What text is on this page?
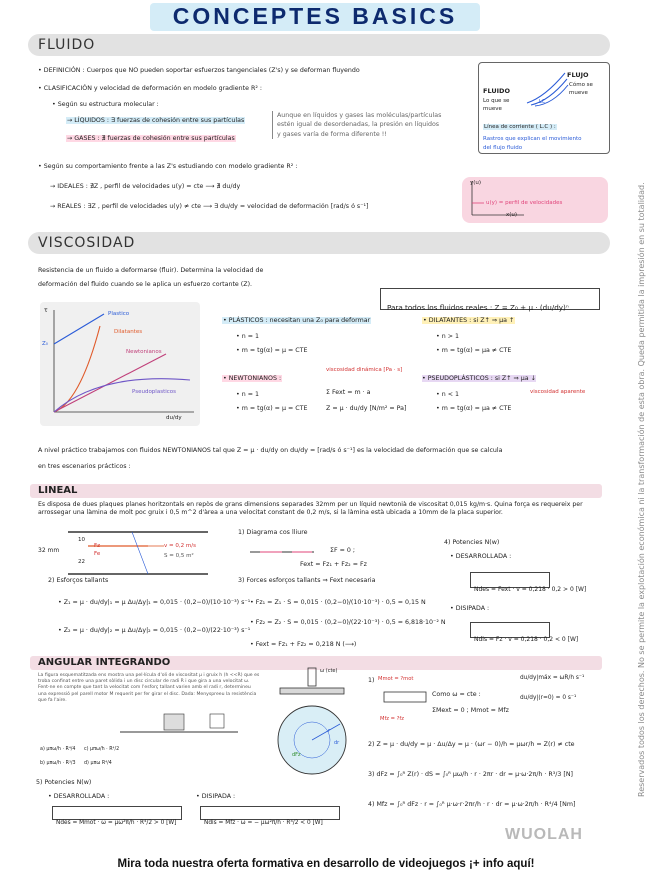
CONCEPTES BASICS
FLUIDO
• DEFINICIÓN : Cuerpos que NO pueden soportar esfuerzos tangenciales (Z's) y se deforman fluyendo
• CLASIFICACIÓN y velocidad de deformación en modelo gradiente R² :
• Según su estructura molecular :
→ LÍQUIDOS : ∃ fuerzas de cohesión entre sus partículas
→ GASES : ∄ fuerzas de cohesión entre sus partículas
Aunque en líquidos y gases las moléculas/partículas
estén igual de desordenadas, la presión en líquidos
y gases varía de forma diferente !!
• Según su comportamiento frente a las Z's estudiando con modelo gradiente R² :
→ IDEALES : ∄Z , perfil de velocidades u(y) = cte ⟶ ∄ du/dy
→ REALES : ∃Z , perfil de velocidades u(y) ≠ cte ⟶ ∃ du/dy = velocidad de deformación [rad/s ó s⁻¹]
FLUIDO
Lo que se mueve
FLUJO
Cómo se mueve
LC
Línea de corriente ( L.C ) :
Rastros que explican el movimiento
del flujo fluido
y(u)
x(u)
u(y) = perfil de velocidades
VISCOSIDAD
Resistencia de un fluido a deformarse (fluir). Determina la velocidad de
deformación del fluido cuando se le aplica un esfuerzo cortante (Z).
Para todos los fluidos reales : Z = Z₀ + μ · (du/dy)ⁿ
τ
Z₀
du/dy
Plastico
Dilatantes
Newtonianos
Pseudoplasticos
• PLÁSTICOS : necesitan una Z₀ para deformar
• n = 1
• m = tg(α) = μ = CTE
• DILATANTES : si Z↑ ⇒ μa ↑
• n > 1
• m = tg(α) = μa ≠ CTE
• NEWTONIANOS :
viscosidad dinámica [Pa · s]
• n = 1
• m = tg(α) = μ = CTE
Σ Fext = m · a
Z = μ · du/dy [N/m² = Pa]
• PSEUDOPLÁSTICOS : si Z↑ ⇒ μa ↓
• n < 1
• m = tg(α) = μa ≠ CTE
viscosidad aparente
A nivel práctico trabajamos con fluidos NEWTONIANOS tal que Z = μ · du/dy on du/dy = [rad/s ó s⁻¹] es la velocidad de deformación que se calcula
en tres escenarios prácticos :
LINEAL
Es disposa de dues plaques planes horitzontals en repòs de grans dimensions separades 32mm per un líquid newtonià de viscositat 0,015 kg/m·s. Quina força es requereix per arrossegar una làmina de molt poc gruix i 0,5 m^2 d'àrea a una velocitat constant de 0,2 m/s, si la làmina està ubicada a 10mm de la placa superior.
32 mm
10
22
Fz
Fe
v = 0,2 m/s
S = 0,5 m²
1) Diagrama cos lliure
ΣF = 0 ;
Fext = Fz₁ + Fz₂ = Fz
2) Esforços tallants
• Z₁ = μ · du/dy|₁ = μ Δu/Δy|₁ = 0,015 · (0,2−0)/(10·10⁻³) s⁻¹
• Z₂ = μ · du/dy|₂ = μ Δu/Δy|₂ = 0,015 · (0,2−0)/(22·10⁻³) s⁻¹
3) Forces esforços tallants ⇒ Fext necesaria
• Fz₁ = Z₁ · S = 0,015 · (0,2−0)/(10·10⁻³) · 0,5 = 0,15 N
• Fz₂ = Z₂ · S = 0,015 · (0,2−0)/(22·10⁻³) · 0,5 = 6,818·10⁻² N
• Fext = Fz₁ + Fz₂ = 0,218 N (⟶)
4) Potencies N(w)
• DESARROLLADA :
Ndes = Fext · v = 0,218 · 0,2 > 0 [W]
• DISIPADA :
Ndis = Fz · v = 0,218 · 0,2 < 0 [W]
ANGULAR INTEGRANDO
La figura esquematitzada ens mostra una pel·lícula d'oli de viscositat μ i gruix h (h <<R) que es troba confinat entre una paret sòlida i un disc circular de radi R i que gira a una velocitat ω. Fent-ne en compte que tant la velocitat com l'esforç tallant varien amb el radi r, determineu una expressió pel parell motor M requerit per fer girar el disc. Dada: Menyspreeu la resistència que fa l'aire.
a) μπω/h · R⁴/4
b) μπω/h · R³/3
c) μπω/h · R⁴/2
d) μπω R⁴/4
ω (cte)
r
dr
dFz
1) Mmot = ?mot
Mfz = ?fz
Como ω = cte :
ΣMext = 0 ; Mmot = Mfz
du/dy|máx = ωR/h s⁻¹
du/dy|(r=0) = 0 s⁻¹
2) Z = μ · du/dy = μ · Δu/Δy = μ · (ωr − 0)/h = μωr/h = Z(r) ≠ cte
3) dFz = ∫₀ᴿ Z(r) · dS = ∫₀ᴿ μω/h · r · 2πr · dr = μ·ω·2π/h · R³/3 [N]
4) Mfz = ∫₀ᴿ dFz · r = ∫₀ᴿ μ·ω·r·2πr/h · r · dr = μ·ω·2π/h · R⁴/4 [Nm]
5) Potencies N(w)
• DESARROLLADA :
Ndes = Mmot · ω = μω²π/h · R⁴/2 > 0 [W]
• DISIPADA :
Ndis = Mfz · ω = − μω²π/h · R⁴/2 < 0 [W]
WUOLAH
Reservados todos los derechos. No se permite la explotación económica ni la transformación de esta obra. Queda permitida la impresión en su totalidad.
Mira toda nuestra oferta formativa en desarrollo de videojuegos ¡+ info aquí!
